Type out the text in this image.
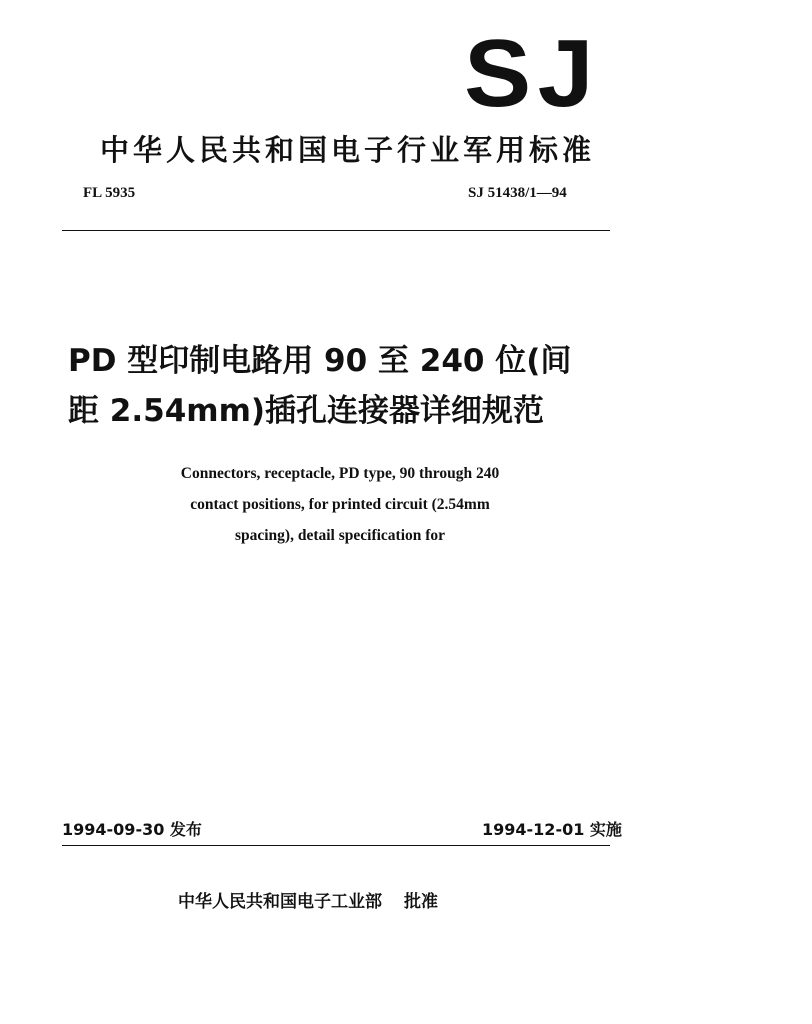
SJ
中华人民共和国电子行业军用标准
FL 5935	SJ 51438/1—94
PD 型印制电路用 90 至 240 位(间
距 2.54mm)插孔连接器详细规范
Connectors, receptacle, PD type, 90 through 240
contact positions, for printed circuit (2.54mm
spacing), detail specification for
1994-09-30 发布	1994-12-01 实施
中华人民共和国电子工业部 批准
